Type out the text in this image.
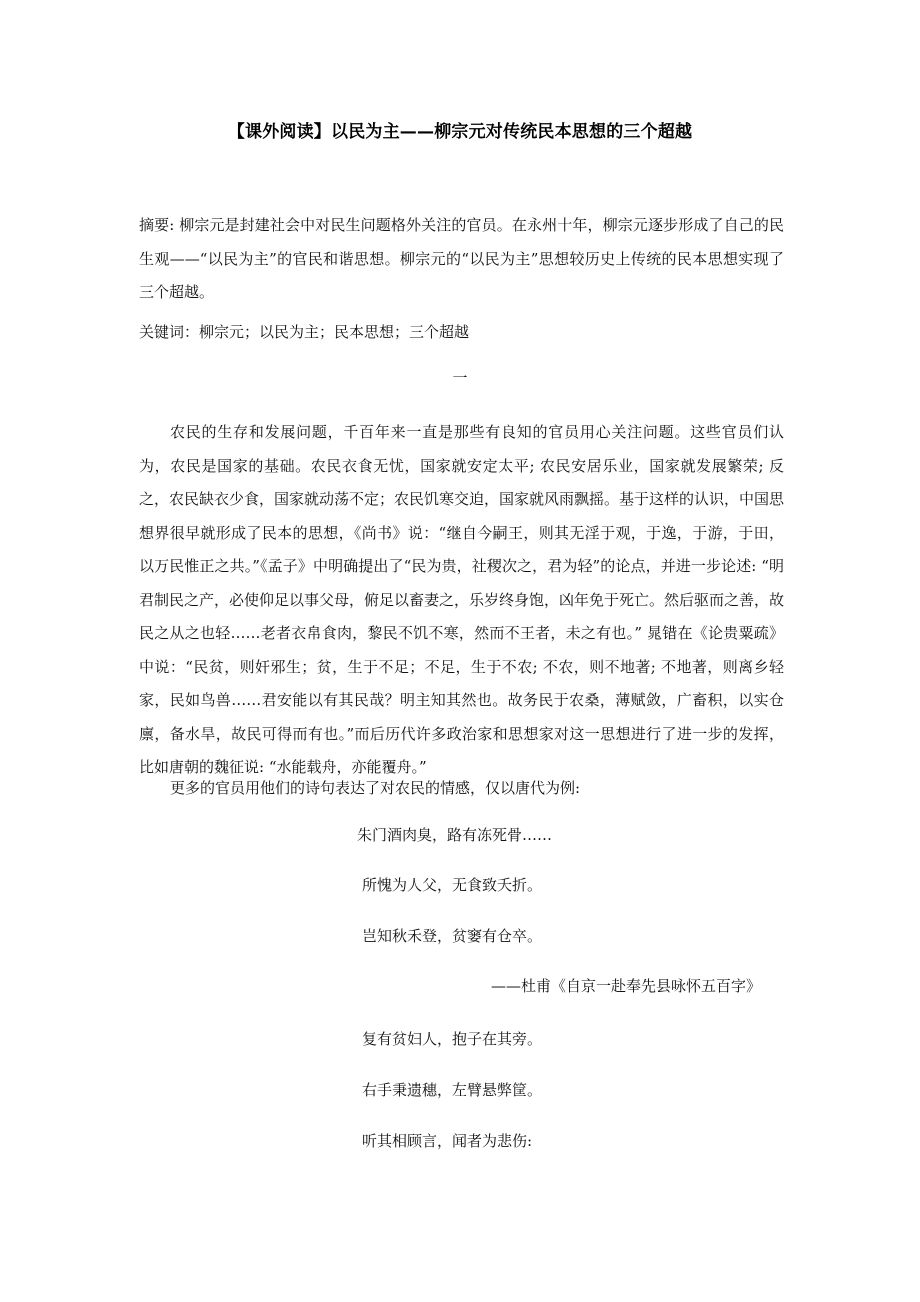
【课外阅读】以民为主——柳宗元对传统民本思想的三个超越

摘要: 柳宗元是封建社会中对民生问题格外关注的官员。在永州十年，柳宗元逐步形成了自己的民生观——“以民为主”的官民和谐思想。柳宗元的“以民为主”思想较历史上传统的民本思想实现了三个超越。

关键词：柳宗元；以民为主；民本思想；三个超越

一

农民的生存和发展问题，千百年来一直是那些有良知的官员用心关注问题。这些官员们认为，农民是国家的基础。农民衣食无忧，国家就安定太平; 农民安居乐业，国家就发展繁荣; 反之，农民缺衣少食，国家就动荡不定；农民饥寒交迫，国家就风雨飘摇。基于这样的认识，中国思想界很早就形成了民本的思想，《尚书》说：“继自今嗣王，则其无淫于观，于逸，于游，于田，以万民惟正之共。”《孟子》中明确提出了“民为贵，社稷次之，君为轻”的论点，并进一步论述: “明君制民之产，必使仰足以事父母，俯足以畜妻之，乐岁终身饱，凶年免于死亡。然后驱而之善，故民之从之也轻……老者衣帛食肉，黎民不饥不寒，然而不王者，未之有也。” 晁错在《论贵粟疏》中说：“民贫，则奸邪生；贫，生于不足；不足，生于不农; 不农，则不地著; 不地著，则离乡轻家，民如鸟兽……君安能以有其民哉？明主知其然也。故务民于农桑，薄赋敛，广畜积，以实仓廪，备水旱，故民可得而有也。”而后历代许多政治家和思想家对这一思想进行了进一步的发挥，比如唐朝的魏征说: “水能载舟，亦能覆舟。”

更多的官员用他们的诗句表达了对农民的情感，仅以唐代为例:

朱门酒肉臭，路有冻死骨……
所愧为人父，无食致夭折。
岂知秋禾登，贫窭有仓卒。
——杜甫《自京一赴奉先县咏怀五百字》
复有贫妇人，抱子在其旁。
右手秉遗穗，左臂悬弊筐。
听其相顾言，闻者为悲伤:
